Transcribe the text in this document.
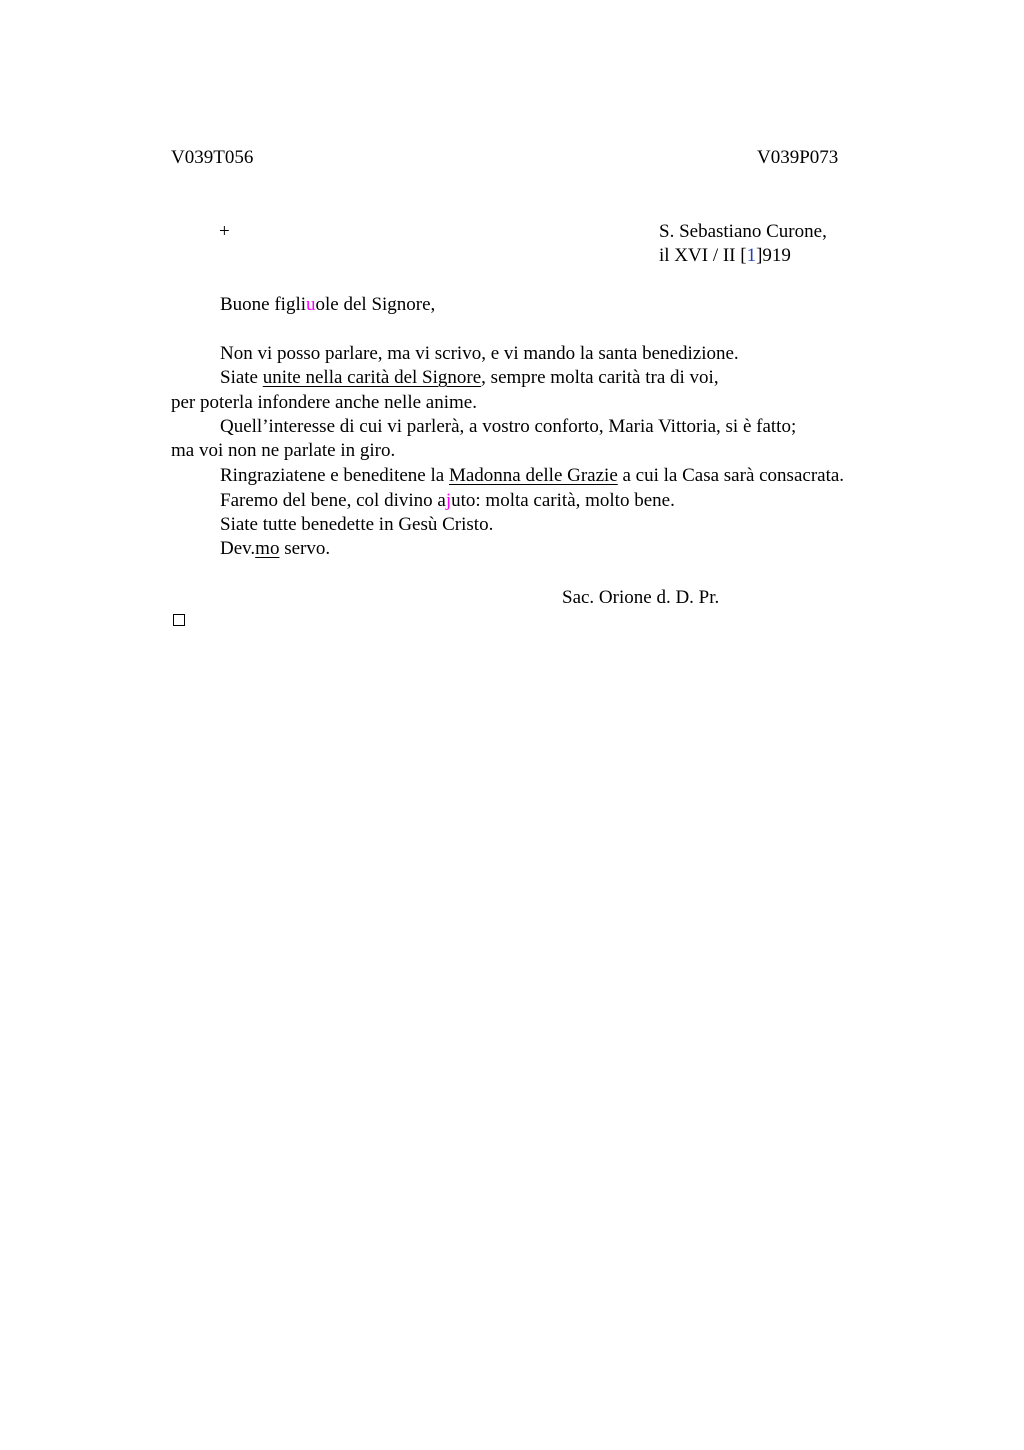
V039T056	V039P073
+	S. Sebastiano Curone,
il XVI / II [1]919
Buone figliuole del Signore,
Non vi posso parlare, ma vi scrivo, e vi mando la santa benedizione.
Siate unite nella carità del Signore, sempre molta carità tra di voi,
per poterla infondere anche nelle anime.
Quell’interesse di cui vi parlerà, a vostro conforto, Maria Vittoria, si è fatto;
ma voi non ne parlate in giro.
Ringraziatene e beneditene la Madonna delle Grazie a cui la Casa sarà consacrata.
Faremo del bene, col divino ajuto: molta carità, molto bene.
Siate tutte benedette in Gesù Cristo.
Dev.mo servo.
Sac. Orione d. D. Pr.
